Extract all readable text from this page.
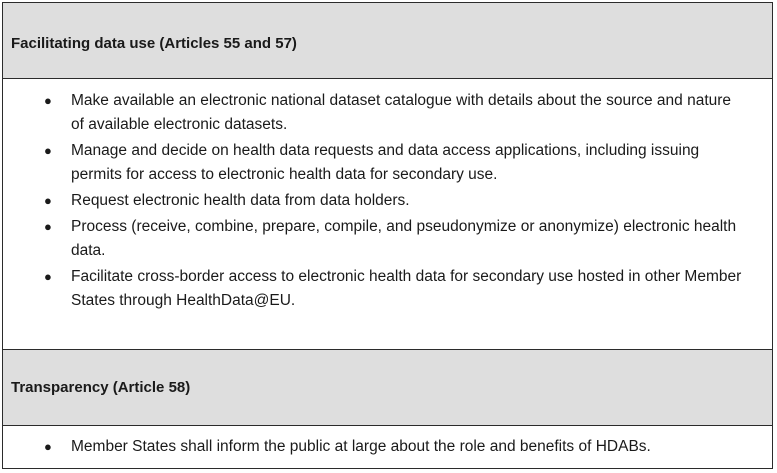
Facilitating data use (Articles 55 and 57)
● Make available an electronic national dataset catalogue with details about the source and nature of available electronic datasets.
● Manage and decide on health data requests and data access applications, including issuing permits for access to electronic health data for secondary use.
● Request electronic health data from data holders.
● Process (receive, combine, prepare, compile, and pseudonymize or anonymize) electronic health data.
● Facilitate cross-border access to electronic health data for secondary use hosted in other Member States through HealthData@EU.
Transparency (Article 58)
● Member States shall inform the public at large about the role and benefits of HDABs.
